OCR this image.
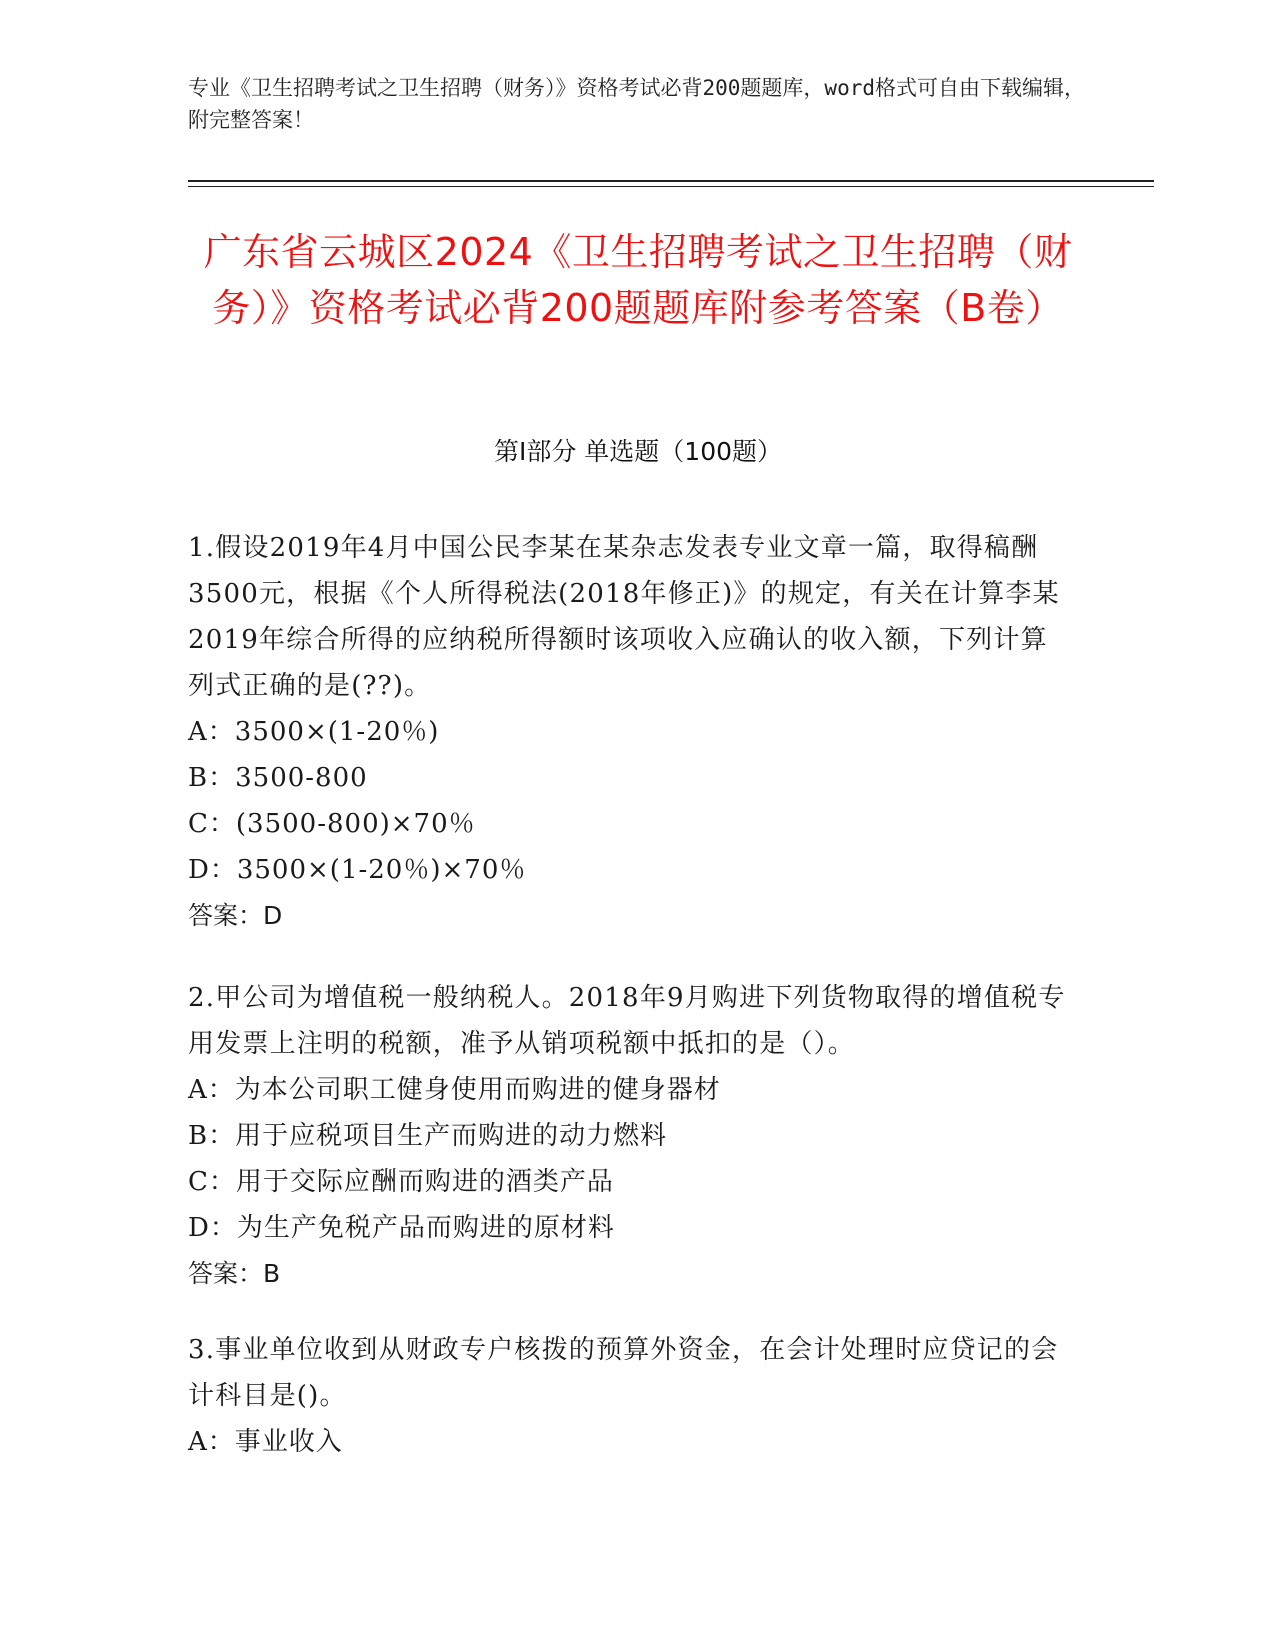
专业《卫生招聘考试之卫生招聘（财务）》资格考试必背200题题库，word格式可自由下载编辑，附完整答案！
广东省云城区2024《卫生招聘考试之卫生招聘（财务）》资格考试必背200题题库附参考答案（B卷）
第Ⅰ部分 单选题（100题）
1.假设2019年4月中国公民李某在某杂志发表专业文章一篇，取得稿酬3500元，根据《个人所得税法(2018年修正)》的规定，有关在计算李某2019年综合所得的应纳税所得额时该项收入应确认的收入额，下列计算列式正确的是(??)。
A：3500×(1-20％)
B：3500-800
C：(3500-800)×70％
D：3500×(1-20％)×70％
答案：D
2.甲公司为增值税一般纳税人。2018年9月购进下列货物取得的增值税专用发票上注明的税额，准予从销项税额中抵扣的是（）。
A：为本公司职工健身使用而购进的健身器材
B：用于应税项目生产而购进的动力燃料
C：用于交际应酬而购进的酒类产品
D：为生产免税产品而购进的原材料
答案：B
3.事业单位收到从财政专户核拨的预算外资金，在会计处理时应贷记的会计科目是()。
A：事业收入
